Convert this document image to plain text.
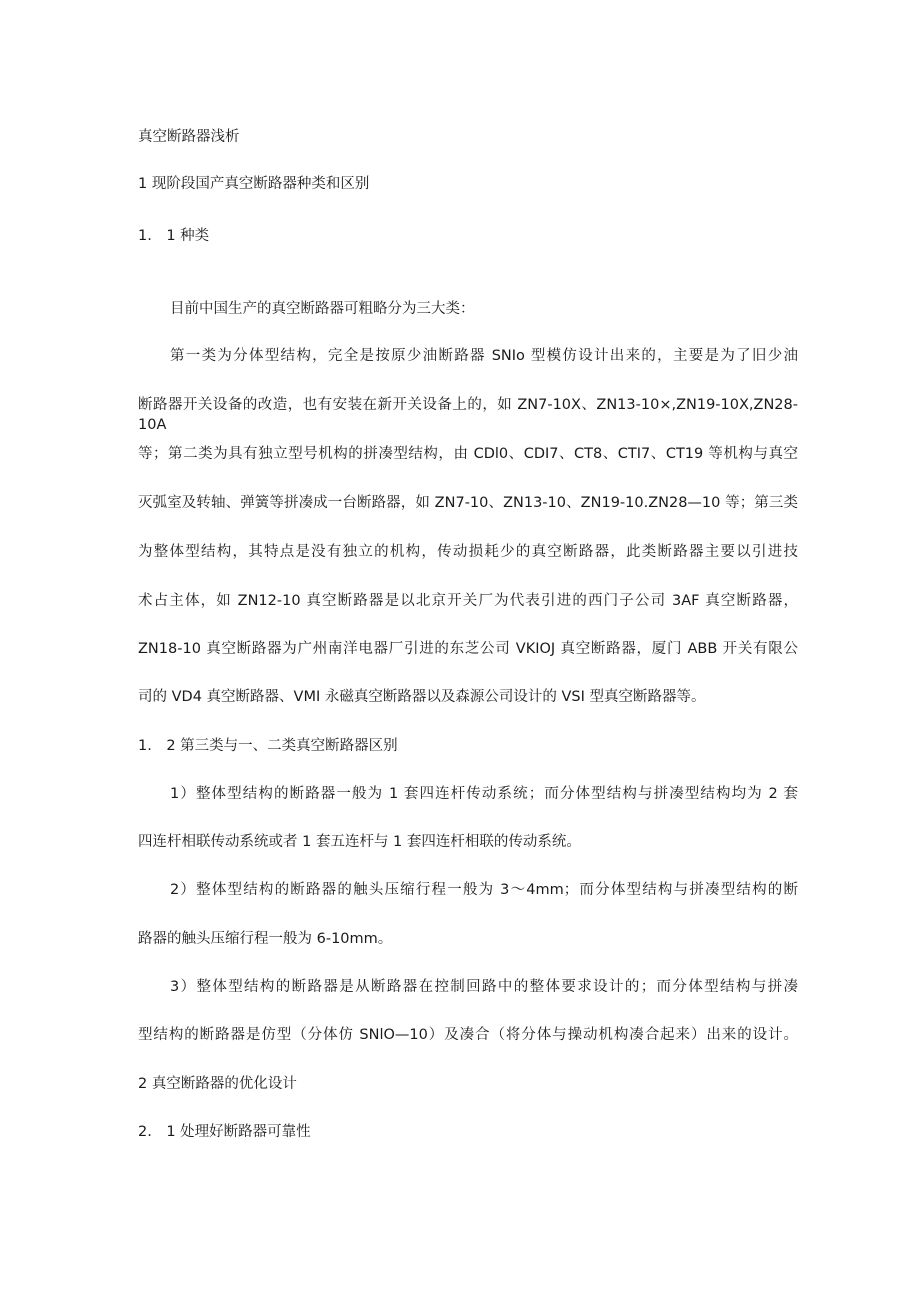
真空断路器浅析
1 现阶段国产真空断路器种类和区别
1.　1 种类
目前中国生产的真空断路器可粗略分为三大类：
第一类为分体型结构，完全是按原少油断路器 SNIo 型模仿设计出来的，主要是为了旧少油
断路器开关设备的改造，也有安装在新开关设备上的，如 ZN7-10X、ZN13-10×,ZN19-10X,ZN28-10A
等；第二类为具有独立型号机构的拼凑型结构，由 CDl0、CDI7、CT8、CTI7、CT19 等机构与真空
灭弧室及转轴、弹簧等拼凑成一台断路器，如 ZN7-10、ZN13-10、ZN19-10.ZN28—10 等；第三类
为整体型结构，其特点是没有独立的机构，传动损耗少的真空断路器，此类断路器主要以引进技
术占主体，如 ZN12-10 真空断路器是以北京开关厂为代表引进的西门子公司 3AF 真空断路器，
ZN18-10 真空断路器为广州南洋电器厂引进的东芝公司 VKIOJ 真空断路器，厦门 ABB 开关有限公
司的 VD4 真空断路器、VMI 永磁真空断路器以及森源公司设计的 VSI 型真空断路器等。
1.　2 第三类与一、二类真空断路器区别
1）整体型结构的断路器一般为 1 套四连杆传动系统；而分体型结构与拼凑型结构均为 2 套
四连杆相联传动系统或者 1 套五连杆与 1 套四连杆相联的传动系统。
2）整体型结构的断路器的触头压缩行程一般为 3～4mm；而分体型结构与拼凑型结构的断
路器的触头压缩行程一般为 6-10mm。
3）整体型结构的断路器是从断路器在控制回路中的整体要求设计的；而分体型结构与拼凑
型结构的断路器是仿型（分体仿 SNlO—10）及凑合（将分体与操动机构凑合起来）出来的设计。
2 真空断路器的优化设计
2.　1 处理好断路器可靠性
